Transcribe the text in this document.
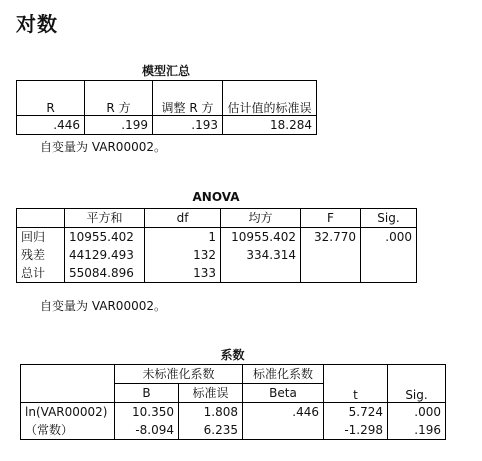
对数
模型汇总
R	R 方	调整 R 方	估计值的标准误
.446	.199	.193	18.284
自变量为 VAR00002。
ANOVA
	平方和	df	均方	F	Sig.
回归	10955.402	1	10955.402	32.770	.000
残差	44129.493	132	334.314		
总计	55084.896	133			
自变量为 VAR00002。
系数
	未标准化系数		标准化系数	t	Sig.
	B	标准误	Beta		
ln(VAR00002)	10.350	1.808	.446	5.724	.000
（常数）	-8.094	6.235		-1.298	.196
